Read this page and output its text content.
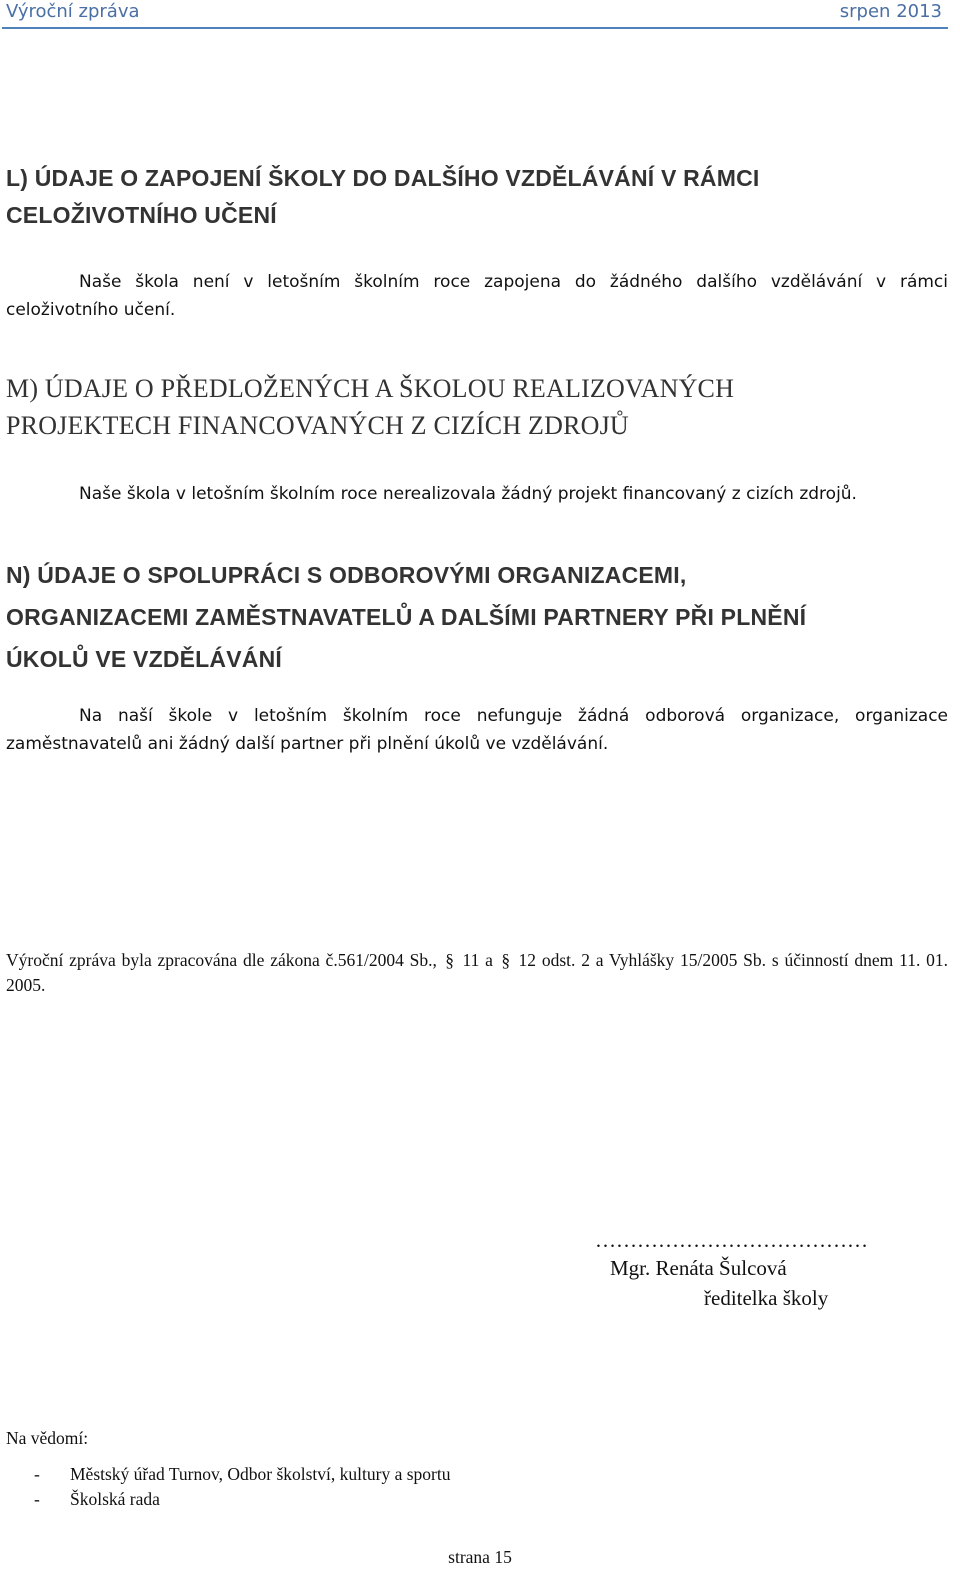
Výroční zpráva	srpen 2013
L) ÚDAJE O ZAPOJENÍ ŠKOLY DO DALŠÍHO VZDĚLÁVÁNÍ V RÁMCI
CELOŽIVOTNÍHO UČENÍ
Naše škola není v letošním školním roce zapojena do žádného dalšího vzdělávání v rámci celoživotního učení.
M) ÚDAJE O PŘEDLOŽENÝCH A ŠKOLOU REALIZOVANÝCH
PROJEKTECH FINANCOVANÝCH Z CIZÍCH ZDROJŮ
Naše škola v letošním školním roce nerealizovala žádný projekt financovaný z cizích zdrojů.
N) ÚDAJE O SPOLUPRÁCI S ODBOROVÝMI ORGANIZACEMI,
ORGANIZACEMI ZAMĚSTNAVATELŮ A DALŠÍMI PARTNERY PŘI PLNĚNÍ
ÚKOLŮ VE VZDĚLÁVÁNÍ
Na naší škole v letošním školním roce nefunguje žádná odborová organizace, organizace zaměstnavatelů ani žádný další partner při plnění úkolů ve vzdělávání.
Výroční zpráva byla zpracována dle zákona č.561/2004 Sb., § 11 a § 12 odst. 2 a Vyhlášky 15/2005 Sb. s účinností dnem 11. 01. 2005.
…………………………………
Mgr. Renáta Šulcová
ředitelka školy
Na vědomí:
- Městský úřad Turnov, Odbor školství, kultury a sportu
- Školská rada
strana 15
